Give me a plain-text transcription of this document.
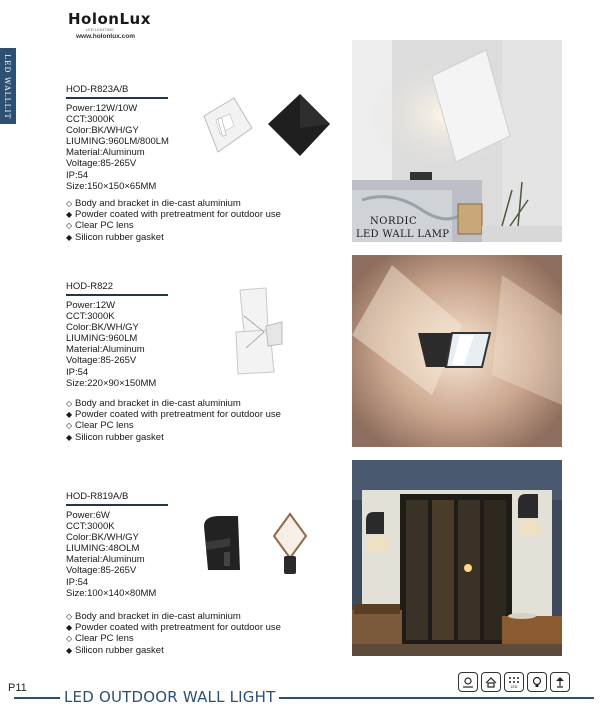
HolonLux
LED LIGHTING
www.holonlux.com
LED WALLLIT	HOD-R823A/B
Power:12W/10W
CCT:3000K
Color:BK/WH/GY
LIUMING:960LM/800LM
Material:Aluminum
Voltage:85-265V
IP:54
Size:150×150×65MM
◇ Body and bracket in die-cast aluminium
◆ Powder coated with pretreatment for outdoor use
◇ Clear PC lens
◆ Silicon rubber gasket
NORDIC
LED WALL LAMP
HOD-R822
Power:12W
CCT:3000K
Color:BK/WH/GY
LIUMING:960LM
Material:Aluminum
Voltage:85-265V
IP:54
Size:220×90×150MM
◇ Body and bracket in die-cast aluminium
◆ Powder coated with pretreatment for outdoor use
◇ Clear PC lens
◆ Silicon rubber gasket
HOD-R819A/B
Power:6W
CCT:3000K
Color:BK/WH/GY
LIUMING:48OLM
Material:Aluminum
Voltage:85-265V
IP:54
Size:100×140×80MM
◇ Body and bracket in die-cast aluminium
◆ Powder coated with pretreatment for outdoor use
◇ Clear PC lens
◆ Silicon rubber gasket
P11 LED OUTDOOR WALL LIGHT
LED
